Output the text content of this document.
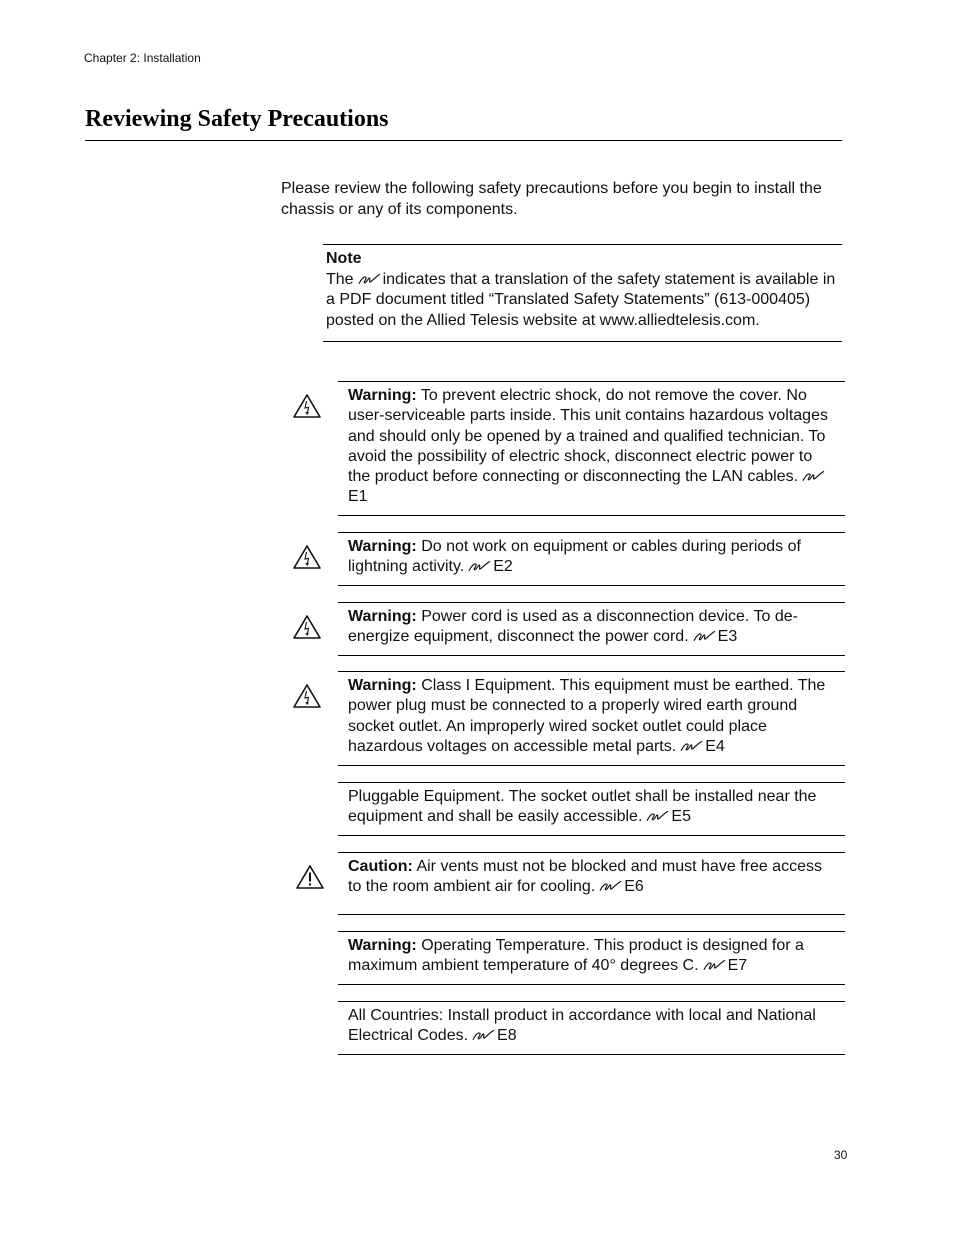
Chapter 2: Installation
Reviewing Safety Precautions

Please review the following safety precautions before you begin to install the chassis or any of its components.

Note
The indicates that a translation of the safety statement is available in a PDF document titled “Translated Safety Statements” (613-000405) posted on the Allied Telesis website at www.alliedtelesis.com.
Warning: To prevent electric shock, do not remove the cover. No user-serviceable parts inside. This unit contains hazardous voltages and should only be opened by a trained and qualified technician. To avoid the possibility of electric shock, disconnect electric power to the product before connecting or disconnecting the LAN cables.E1
Warning: Do not work on equipment or cables during periods of lightning activity. E2
Warning: Power cord is used as a disconnection device. To de-energize equipment, disconnect the power cord. E3
Warning: Class I Equipment. This equipment must be earthed. The power plug must be connected to a properly wired earth ground socket outlet. An improperly wired socket outlet could place hazardous voltages on accessible metal parts. E4
Pluggable Equipment. The socket outlet shall be installed near the equipment and shall be easily accessible. E5
Caution: Air vents must not be blocked and must have free access to the room ambient air for cooling. E6
Warning: Operating Temperature. This product is designed for a maximum ambient temperature of 40° degrees C. E7
All Countries: Install product in accordance with local and National Electrical Codes. E8
30
